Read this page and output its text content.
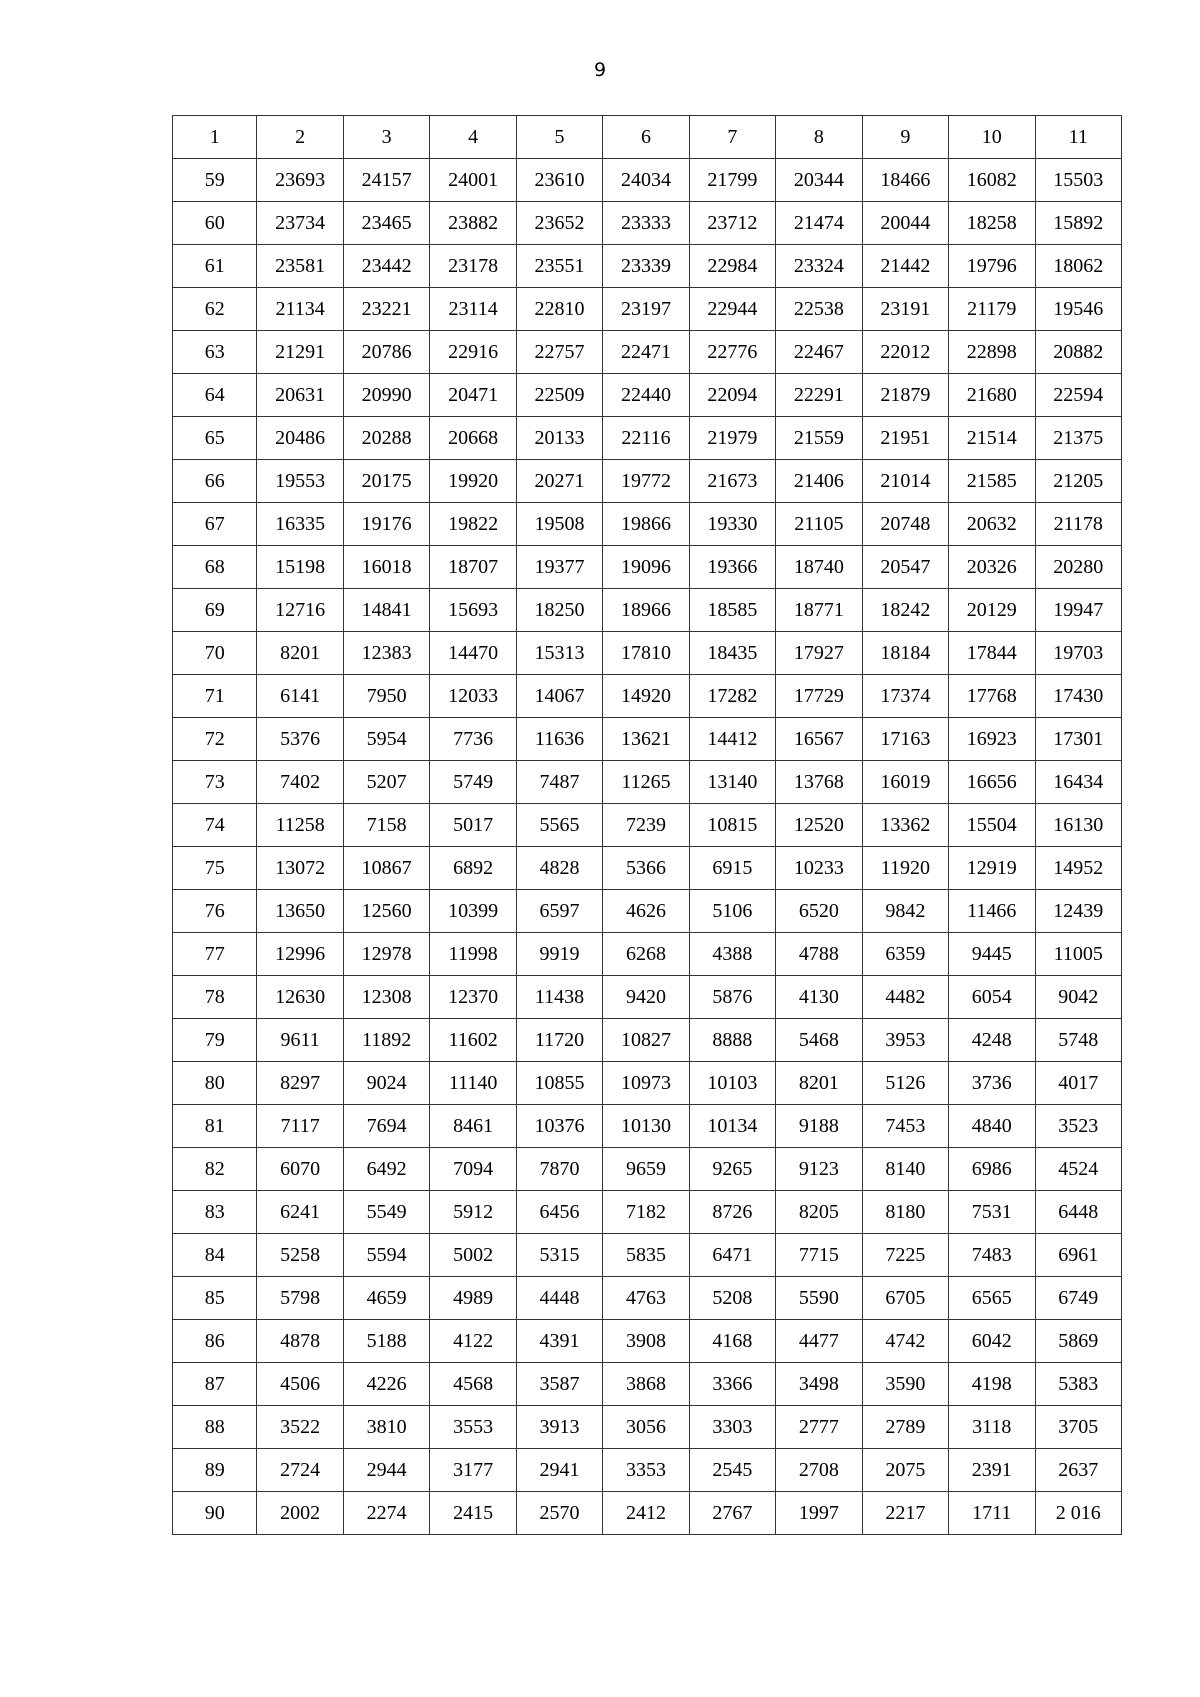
9
1	2	3	4	5	6	7	8	9	10	11
59	23693	24157	24001	23610	24034	21799	20344	18466	16082	15503
60	23734	23465	23882	23652	23333	23712	21474	20044	18258	15892
61	23581	23442	23178	23551	23339	22984	23324	21442	19796	18062
62	21134	23221	23114	22810	23197	22944	22538	23191	21179	19546
63	21291	20786	22916	22757	22471	22776	22467	22012	22898	20882
64	20631	20990	20471	22509	22440	22094	22291	21879	21680	22594
65	20486	20288	20668	20133	22116	21979	21559	21951	21514	21375
66	19553	20175	19920	20271	19772	21673	21406	21014	21585	21205
67	16335	19176	19822	19508	19866	19330	21105	20748	20632	21178
68	15198	16018	18707	19377	19096	19366	18740	20547	20326	20280
69	12716	14841	15693	18250	18966	18585	18771	18242	20129	19947
70	8201	12383	14470	15313	17810	18435	17927	18184	17844	19703
71	6141	7950	12033	14067	14920	17282	17729	17374	17768	17430
72	5376	5954	7736	11636	13621	14412	16567	17163	16923	17301
73	7402	5207	5749	7487	11265	13140	13768	16019	16656	16434
74	11258	7158	5017	5565	7239	10815	12520	13362	15504	16130
75	13072	10867	6892	4828	5366	6915	10233	11920	12919	14952
76	13650	12560	10399	6597	4626	5106	6520	9842	11466	12439
77	12996	12978	11998	9919	6268	4388	4788	6359	9445	11005
78	12630	12308	12370	11438	9420	5876	4130	4482	6054	9042
79	9611	11892	11602	11720	10827	8888	5468	3953	4248	5748
80	8297	9024	11140	10855	10973	10103	8201	5126	3736	4017
81	7117	7694	8461	10376	10130	10134	9188	7453	4840	3523
82	6070	6492	7094	7870	9659	9265	9123	8140	6986	4524
83	6241	5549	5912	6456	7182	8726	8205	8180	7531	6448
84	5258	5594	5002	5315	5835	6471	7715	7225	7483	6961
85	5798	4659	4989	4448	4763	5208	5590	6705	6565	6749
86	4878	5188	4122	4391	3908	4168	4477	4742	6042	5869
87	4506	4226	4568	3587	3868	3366	3498	3590	4198	5383
88	3522	3810	3553	3913	3056	3303	2777	2789	3118	3705
89	2724	2944	3177	2941	3353	2545	2708	2075	2391	2637
90	2002	2274	2415	2570	2412	2767	1997	2217	1711	2 016
